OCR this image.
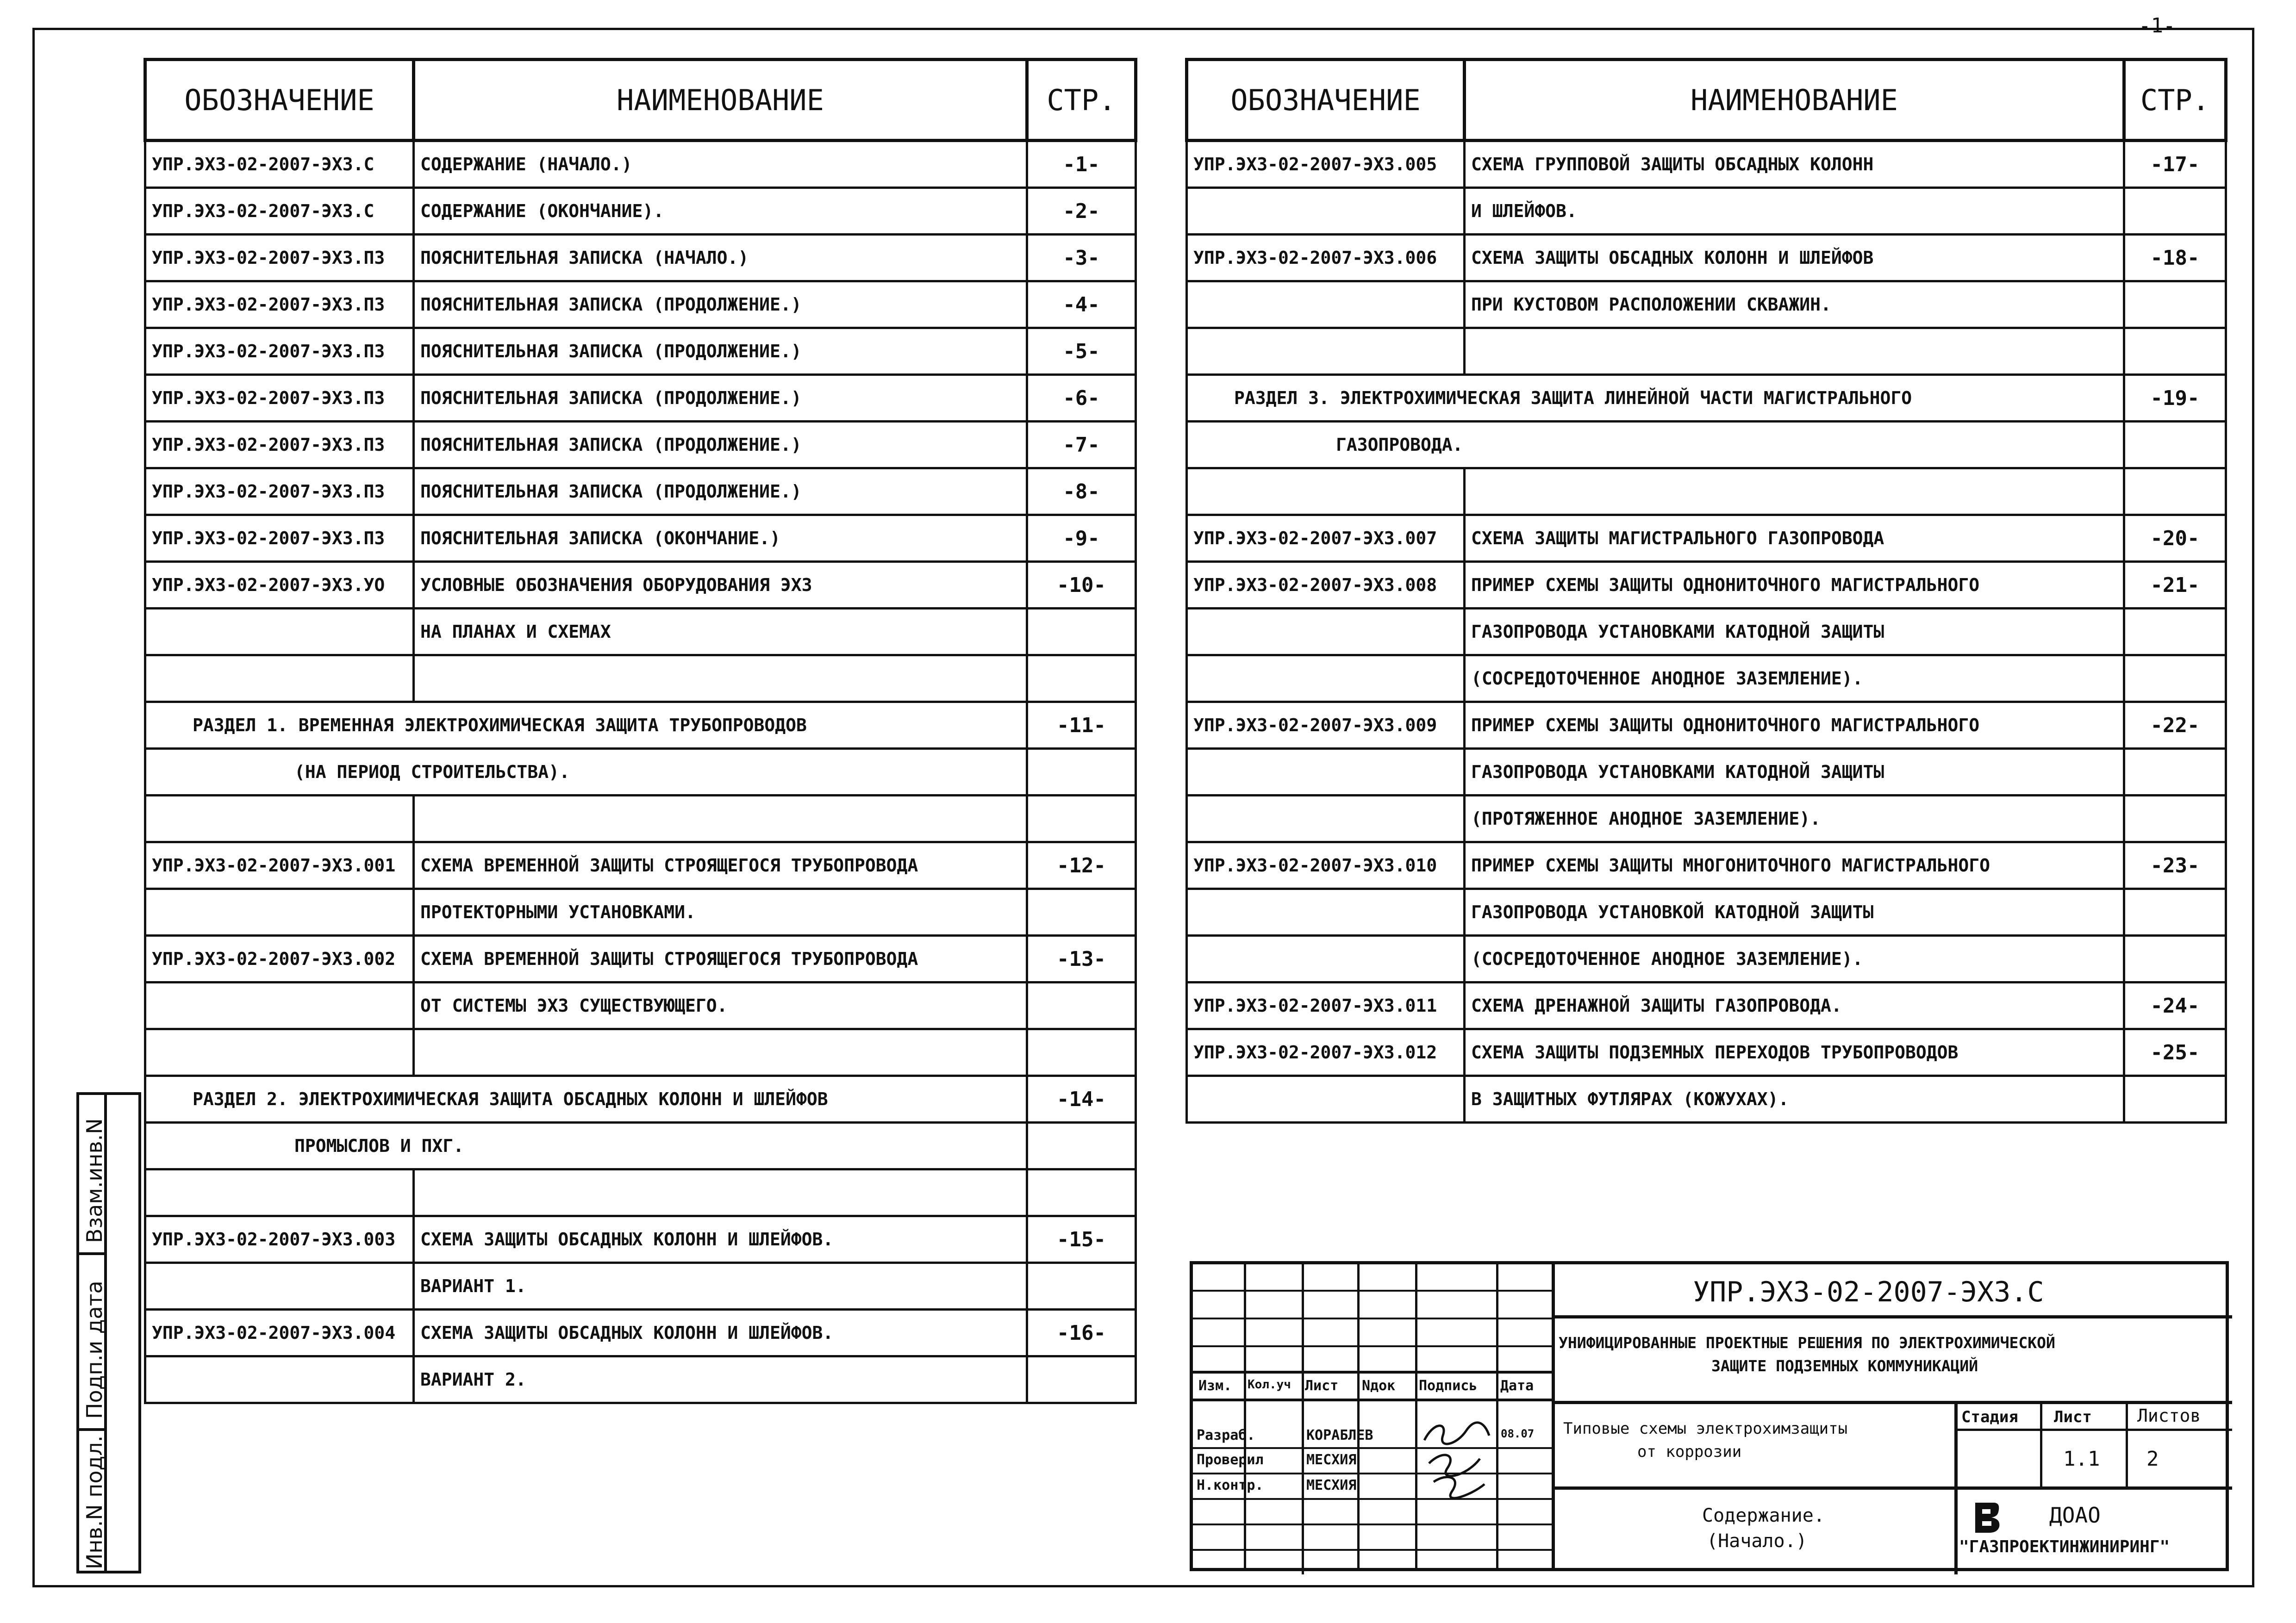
-1-
ОБОЗНАЧЕНИЕ	НАИМЕНОВАНИЕ	СТР.
УПР.ЭХЗ-02-2007-ЭХЗ.С	СОДЕРЖАНИЕ (НАЧАЛО.)	-1-
УПР.ЭХЗ-02-2007-ЭХЗ.С	СОДЕРЖАНИЕ (ОКОНЧАНИЕ).	-2-
УПР.ЭХЗ-02-2007-ЭХЗ.ПЗ	ПОЯСНИТЕЛЬНАЯ ЗАПИСКА (НАЧАЛО.)	-3-
УПР.ЭХЗ-02-2007-ЭХЗ.ПЗ	ПОЯСНИТЕЛЬНАЯ ЗАПИСКА (ПРОДОЛЖЕНИЕ.)	-4-
УПР.ЭХЗ-02-2007-ЭХЗ.ПЗ	ПОЯСНИТЕЛЬНАЯ ЗАПИСКА (ПРОДОЛЖЕНИЕ.)	-5-
УПР.ЭХЗ-02-2007-ЭХЗ.ПЗ	ПОЯСНИТЕЛЬНАЯ ЗАПИСКА (ПРОДОЛЖЕНИЕ.)	-6-
УПР.ЭХЗ-02-2007-ЭХЗ.ПЗ	ПОЯСНИТЕЛЬНАЯ ЗАПИСКА (ПРОДОЛЖЕНИЕ.)	-7-
УПР.ЭХЗ-02-2007-ЭХЗ.ПЗ	ПОЯСНИТЕЛЬНАЯ ЗАПИСКА (ПРОДОЛЖЕНИЕ.)	-8-
УПР.ЭХЗ-02-2007-ЭХЗ.ПЗ	ПОЯСНИТЕЛЬНАЯ ЗАПИСКА (ОКОНЧАНИЕ.)	-9-
УПР.ЭХЗ-02-2007-ЭХЗ.УО	УСЛОВНЫЕ ОБОЗНАЧЕНИЯ ОБОРУДОВАНИЯ ЭХЗ	-10-
	НА ПЛАНАХ И СХЕМАХ	

РАЗДЕЛ 1. ВРЕМЕННАЯ ЭЛЕКТРОХИМИЧЕСКАЯ ЗАЩИТА ТРУБОПРОВОДОВ		-11-
(НА ПЕРИОД СТРОИТЕЛЬСТВА).		

УПР.ЭХЗ-02-2007-ЭХЗ.001	СХЕМА ВРЕМЕННОЙ ЗАЩИТЫ СТРОЯЩЕГОСЯ ТРУБОПРОВОДА	-12-
	ПРОТЕКТОРНЫМИ УСТАНОВКАМИ.	
УПР.ЭХЗ-02-2007-ЭХЗ.002	СХЕМА ВРЕМЕННОЙ ЗАЩИТЫ СТРОЯЩЕГОСЯ ТРУБОПРОВОДА	-13-
	ОТ СИСТЕМЫ ЭХЗ СУЩЕСТВУЮЩЕГО.	

РАЗДЕЛ 2. ЭЛЕКТРОХИМИЧЕСКАЯ ЗАЩИТА ОБСАДНЫХ КОЛОНН И ШЛЕЙФОВ		-14-
ПРОМЫСЛОВ И ПХГ.		

УПР.ЭХЗ-02-2007-ЭХЗ.003	СХЕМА ЗАЩИТЫ ОБСАДНЫХ КОЛОНН И ШЛЕЙФОВ.	-15-
	ВАРИАНТ 1.	
УПР.ЭХЗ-02-2007-ЭХЗ.004	СХЕМА ЗАЩИТЫ ОБСАДНЫХ КОЛОНН И ШЛЕЙФОВ.	-16-
	ВАРИАНТ 2.	
ОБОЗНАЧЕНИЕ	НАИМЕНОВАНИЕ	СТР.
УПР.ЭХЗ-02-2007-ЭХЗ.005	СХЕМА ГРУППОВОЙ ЗАЩИТЫ ОБСАДНЫХ КОЛОНН	-17-
	И ШЛЕЙФОВ.	
УПР.ЭХЗ-02-2007-ЭХЗ.006	СХЕМА ЗАЩИТЫ ОБСАДНЫХ КОЛОНН И ШЛЕЙФОВ	-18-
	ПРИ КУСТОВОМ РАСПОЛОЖЕНИИ СКВАЖИН.	

РАЗДЕЛ 3. ЭЛЕКТРОХИМИЧЕСКАЯ ЗАЩИТА ЛИНЕЙНОЙ ЧАСТИ МАГИСТРАЛЬНОГО		-19-
ГАЗОПРОВОДА.		

УПР.ЭХЗ-02-2007-ЭХЗ.007	СХЕМА ЗАЩИТЫ МАГИСТРАЛЬНОГО ГАЗОПРОВОДА	-20-
УПР.ЭХЗ-02-2007-ЭХЗ.008	ПРИМЕР СХЕМЫ ЗАЩИТЫ ОДНОНИТОЧНОГО МАГИСТРАЛЬНОГО	-21-
	ГАЗОПРОВОДА УСТАНОВКАМИ КАТОДНОЙ ЗАЩИТЫ	
	(СОСРЕДОТОЧЕННОЕ АНОДНОЕ ЗАЗЕМЛЕНИЕ).	
УПР.ЭХЗ-02-2007-ЭХЗ.009	ПРИМЕР СХЕМЫ ЗАЩИТЫ ОДНОНИТОЧНОГО МАГИСТРАЛЬНОГО	-22-
	ГАЗОПРОВОДА УСТАНОВКАМИ КАТОДНОЙ ЗАЩИТЫ	
	(ПРОТЯЖЕННОЕ АНОДНОЕ ЗАЗЕМЛЕНИЕ).	
УПР.ЭХЗ-02-2007-ЭХЗ.010	ПРИМЕР СХЕМЫ ЗАЩИТЫ МНОГОНИТОЧНОГО МАГИСТРАЛЬНОГО	-23-
	ГАЗОПРОВОДА УСТАНОВКОЙ КАТОДНОЙ ЗАЩИТЫ	
	(СОСРЕДОТОЧЕННОЕ АНОДНОЕ ЗАЗЕМЛЕНИЕ).	
УПР.ЭХЗ-02-2007-ЭХЗ.011	СХЕМА ДРЕНАЖНОЙ ЗАЩИТЫ ГАЗОПРОВОДА.	-24-
УПР.ЭХЗ-02-2007-ЭХЗ.012	СХЕМА ЗАЩИТЫ ПОДЗЕМНЫХ ПЕРЕХОДОВ ТРУБОПРОВОДОВ	-25-
	В ЗАЩИТНЫХ ФУТЛЯРАХ (КОЖУХАХ).	
Взам.инв.N
Подп.и дата
Инв.N подл.
Изм. Кол.уч Лист Nдок Подпись Дата
Разраб.	КОРАБЛЕВ	08.07
Проверил	МЕСХИЯ
Н.контр.	МЕСХИЯ
УПР.ЭХЗ-02-2007-ЭХЗ.С
УНИФИЦИРОВАННЫЕ ПРОЕКТНЫЕ РЕШЕНИЯ ПО ЭЛЕКТРОХИМИЧЕСКОЙ
ЗАЩИТЕ ПОДЗЕМНЫХ КОММУНИКАЦИЙ
Типовые схемы электрохимзащиты
от коррозии
Стадия Лист	Листов
1.1 2
Содержание.
(Начало.)
ДОАО
"ГАЗПРОЕКТИНЖИНИРИНГ"
